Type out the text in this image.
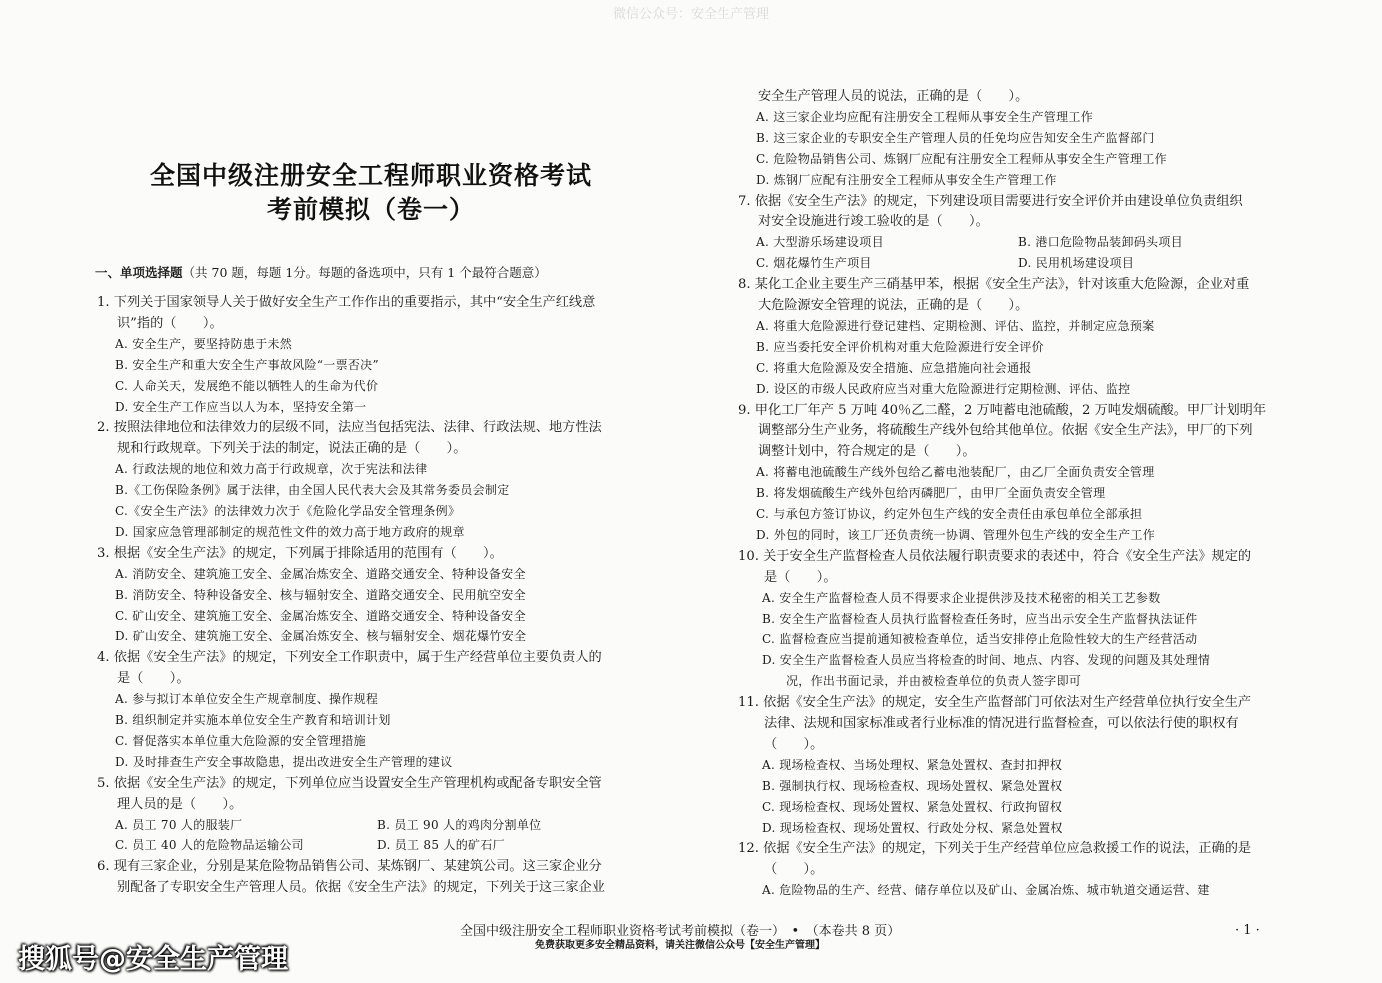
微信公众号：安全生产管理
全国中级注册安全工程师职业资格考试
考前模拟（卷一）
一、单项选择题（共 70 题，每题 1分。每题的备选项中，只有 1 个最符合题意）
1. 下列关于国家领导人关于做好安全生产工作作出的重要指示，其中“安全生产红线意
识”指的（　　）。
A. 安全生产，要坚持防患于未然
B. 安全生产和重大安全生产事故风险“一票否决”
C. 人命关天，发展绝不能以牺牲人的生命为代价
D. 安全生产工作应当以人为本，坚持安全第一
2. 按照法律地位和法律效力的层级不同，法应当包括宪法、法律、行政法规、地方性法
规和行政规章。下列关于法的制定，说法正确的是（　　）。
A. 行政法规的地位和效力高于行政规章，次于宪法和法律
B.《工伤保险条例》属于法律，由全国人民代表大会及其常务委员会制定
C.《安全生产法》的法律效力次于《危险化学品安全管理条例》
D. 国家应急管理部制定的规范性文件的效力高于地方政府的规章
3. 根据《安全生产法》的规定，下列属于排除适用的范围有（　　）。
A. 消防安全、建筑施工安全、金属冶炼安全、道路交通安全、特种设备安全
B. 消防安全、特种设备安全、核与辐射安全、道路交通安全、民用航空安全
C. 矿山安全、建筑施工安全、金属冶炼安全、道路交通安全、特种设备安全
D. 矿山安全、建筑施工安全、金属冶炼安全、核与辐射安全、烟花爆竹安全
4. 依据《安全生产法》的规定，下列安全工作职责中，属于生产经营单位主要负责人的
是（　　）。
A. 参与拟订本单位安全生产规章制度、操作规程
B. 组织制定并实施本单位安全生产教育和培训计划
C. 督促落实本单位重大危险源的安全管理措施
D. 及时排查生产安全事故隐患，提出改进安全生产管理的建议
5. 依据《安全生产法》的规定，下列单位应当设置安全生产管理机构或配备专职安全管
理人员的是（　　）。
A. 员工 70 人的服装厂
C. 员工 40 人的危险物品运输公司
6. 现有三家企业，分别是某危险物品销售公司、某炼钢厂、某建筑公司。这三家企业分
别配备了专职安全生产管理人员。依据《安全生产法》的规定，下列关于这三家企业
B. 员工 90 人的鸡肉分割单位
D. 员工 85 人的矿石厂
安全生产管理人员的说法，正确的是（　　）。
A. 这三家企业均应配有注册安全工程师从事安全生产管理工作
B. 这三家企业的专职安全生产管理人员的任免均应告知安全生产监督部门
C. 危险物品销售公司、炼钢厂应配有注册安全工程师从事安全生产管理工作
D. 炼钢厂应配有注册安全工程师从事安全生产管理工作
7. 依据《安全生产法》的规定，下列建设项目需要进行安全评价并由建设单位负责组织
对安全设施进行竣工验收的是（　　）。
A. 大型游乐场建设项目
C. 烟花爆竹生产项目
8. 某化工企业主要生产三硝基甲苯，根据《安全生产法》，针对该重大危险源，企业对重
大危险源安全管理的说法，正确的是（　　）。
A. 将重大危险源进行登记建档、定期检测、评估、监控，并制定应急预案
B. 应当委托安全评价机构对重大危险源进行安全评价
C. 将重大危险源及安全措施、应急措施向社会通报
D. 设区的市级人民政府应当对重大危险源进行定期检测、评估、监控
9. 甲化工厂年产 5 万吨 40％乙二醛，2 万吨蓄电池硫酸，2 万吨发烟硫酸。甲厂计划明年
调整部分生产业务，将硫酸生产线外包给其他单位。依据《安全生产法》，甲厂的下列
调整计划中，符合规定的是（　　）。
A. 将蓄电池硫酸生产线外包给乙蓄电池装配厂，由乙厂全面负责安全管理
B. 将发烟硫酸生产线外包给丙磷肥厂，由甲厂全面负责安全管理
C. 与承包方签订协议，约定外包生产线的安全责任由承包单位全部承担
D. 外包的同时，该工厂还负责统一协调、管理外包生产线的安全生产工作
10. 关于安全生产监督检查人员依法履行职责要求的表述中，符合《安全生产法》规定的
是（　　）。
A. 安全生产监督检查人员不得要求企业提供涉及技术秘密的相关工艺参数
B. 安全生产监督检查人员执行监督检查任务时，应当出示安全生产监督执法证件
C. 监督检查应当提前通知被检查单位，适当安排停止危险性较大的生产经营活动
D. 安全生产监督检查人员应当将检查的时间、地点、内容、发现的问题及其处理情
况，作出书面记录，并由被检查单位的负责人签字即可
11. 依据《安全生产法》的规定，安全生产监督部门可依法对生产经营单位执行安全生产
法律、法规和国家标准或者行业标准的情况进行监督检查，可以依法行使的职权有
（　　）。
A. 现场检查权、当场处理权、紧急处置权、查封扣押权
B. 强制执行权、现场检查权、现场处置权、紧急处置权
C. 现场检查权、现场处置权、紧急处置权、行政拘留权
D. 现场检查权、现场处置权、行政处分权、紧急处置权
12. 依据《安全生产法》的规定，下列关于生产经营单位应急救援工作的说法，正确的是
（　　）。
A. 危险物品的生产、经营、储存单位以及矿山、金属冶炼、城市轨道交通运营、建
B. 港口危险物品装卸码头项目
D. 民用机场建设项目
全国中级注册安全工程师职业资格考试考前模拟（卷一）　•　（本卷共 8 页）	· 1 ·
免费获取更多安全精品资料，请关注微信公众号【安全生产管理】
搜狐号@安全生产管理
